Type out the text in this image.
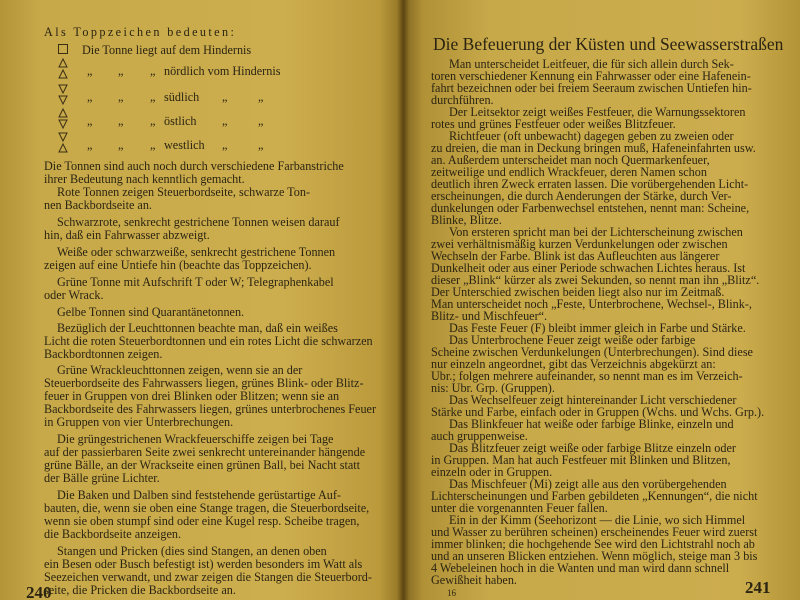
Als Toppzeichen bedeuten:
Die Tonne liegt auf dem Hindernis
„ „ „ nördlich vom Hindernis
„ „ „ südlich „	„
„ „ „ östlich „	„
„ „ „ westlich „	„
Die Tonnen sind auch noch durch verschiedene Farbanstriche
ihrer Bedeutung nach kenntlich gemacht.
Rote Tonnen zeigen Steuerbordseite, schwarze Ton-
nen Backbordseite an.
Schwarzrote, senkrecht gestrichene Tonnen weisen darauf
hin, daß ein Fahrwasser abzweigt.
Weiße oder schwarzweiße, senkrecht gestrichene Tonnen
zeigen auf eine Untiefe hin (beachte das Toppzeichen).
Grüne Tonne mit Aufschrift T oder W; Telegraphenkabel
oder Wrack.
Gelbe Tonnen sind Quarantänetonnen.
Bezüglich der Leuchttonnen beachte man, daß ein weißes
Licht die roten Steuerbordtonnen und ein rotes Licht die schwarzen
Backbordtonnen zeigen.
Grüne Wrackleuchttonnen zeigen, wenn sie an der
Steuerbordseite des Fahrwassers liegen, grünes Blink- oder Blitz-
feuer in Gruppen von drei Blinken oder Blitzen; wenn sie an
Backbordseite des Fahrwassers liegen, grünes unterbrochenes Feuer
in Gruppen von vier Unterbrechungen.
Die grüngestrichenen Wrackfeuerschiffe zeigen bei Tage
auf der passierbaren Seite zwei senkrecht untereinander hängende
grüne Bälle, an der Wrackseite einen grünen Ball, bei Nacht statt
der Bälle grüne Lichter.
Die Baken und Dalben sind feststehende gerüstartige Auf-
bauten, die, wenn sie oben eine Stange tragen, die Steuerbordseite,
wenn sie oben stumpf sind oder eine Kugel resp. Scheibe tragen,
die Backbordseite anzeigen.
Stangen und Pricken (dies sind Stangen, an denen oben
ein Besen oder Busch befestigt ist) werden besonders im Watt als
Seezeichen verwandt, und zwar zeigen die Stangen die Steuerbord-
seite, die Pricken die Backbordseite an.
240
Die Befeuerung der Küsten und Seewasserstraßen
Man unterscheidet Leitfeuer, die für sich allein durch Sek-
toren verschiedener Kennung ein Fahrwasser oder eine Hafenein-
fahrt bezeichnen oder bei freiem Seeraum zwischen Untiefen hin-
durchführen.
Der Leitsektor zeigt weißes Festfeuer, die Warnungssektoren
rotes und grünes Festfeuer oder weißes Blitzfeuer.
Richtfeuer (oft unbewacht) dagegen geben zu zweien oder
zu dreien, die man in Deckung bringen muß, Hafeneinfahrten usw.
an. Außerdem unterscheidet man noch Quermarkenfeuer,
zeitweilige und endlich Wrackfeuer, deren Namen schon
deutlich ihren Zweck erraten lassen. Die vorübergehenden Licht-
erscheinungen, die durch Aenderungen der Stärke, durch Ver-
dunkelungen oder Farbenwechsel entstehen, nennt man: Scheine,
Blinke, Blitze.
Von ersteren spricht man bei der Lichterscheinung zwischen
zwei verhältnismäßig kurzen Verdunkelungen oder zwischen
Wechseln der Farbe. Blink ist das Aufleuchten aus längerer
Dunkelheit oder aus einer Periode schwachen Lichtes heraus. Ist
dieser „Blink“ kürzer als zwei Sekunden, so nennt man ihn „Blitz“.
Der Unterschied zwischen beiden liegt also nur im Zeitmaß.
Man unterscheidet noch „Feste, Unterbrochene, Wechsel-, Blink-,
Blitz- und Mischfeuer“.
Das Feste Feuer (F) bleibt immer gleich in Farbe und Stärke.
Das Unterbrochene Feuer zeigt weiße oder farbige
Scheine zwischen Verdunkelungen (Unterbrechungen). Sind diese
nur einzeln angeordnet, gibt das Verzeichnis abgekürzt an:
Ubr.; folgen mehrere aufeinander, so nennt man es im Verzeich-
nis: Ubr. Grp. (Gruppen).
Das Wechselfeuer zeigt hintereinander Licht verschiedener
Stärke und Farbe, einfach oder in Gruppen (Wchs. und Wchs. Grp.).
Das Blinkfeuer hat weiße oder farbige Blinke, einzeln und
auch gruppenweise.
Das Blitzfeuer zeigt weiße oder farbige Blitze einzeln oder
in Gruppen. Man hat auch Festfeuer mit Blinken und Blitzen,
einzeln oder in Gruppen.
Das Mischfeuer (Mi) zeigt alle aus den vorübergehenden
Lichterscheinungen und Farben gebildeten „Kennungen“, die nicht
unter die vorgenannten Feuer fallen.
Ein in der Kimm (Seehorizont — die Linie, wo sich Himmel
und Wasser zu berühren scheinen) erscheinendes Feuer wird zuerst
immer blinken; die hochgehende See wird den Lichtstrahl noch ab
und an unseren Blicken entziehen. Wenn möglich, steige man 3 bis
4 Webeleinen hoch in die Wanten und man wird dann schnell
Gewißheit haben.
16	241
